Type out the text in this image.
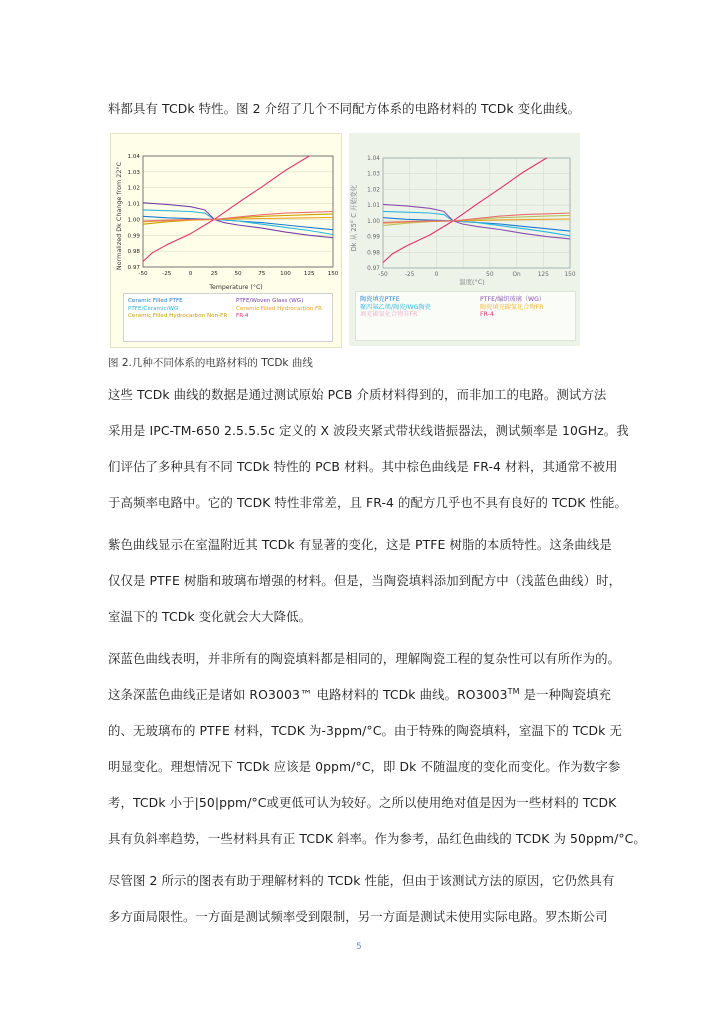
料都具有 TCDk 特性。图 2 介绍了几个不同配方体系的电路材料的 TCDk 变化曲线。
Normalized Dk Change from 22°C
Temperature (°C)
1.04
1.03
1.02
1.01
1.00
0.99
0.98
0.97
-50	-25	0	25	50	75	100 125 150
Ceramic Filled PTFE	PTFE/Woven Glass (WG)
PTFE/Ceramic/WG	Ceramic Filled Hydrocarbon FR
Ceramic Filled Hydrocarbon Non-FR FR-4
Dk 从 25° C 开始变化
温度(°C)
1.04
1.03
1.02
1.01
1.00
0.99
0.98
0.97
-50	-25	0	50	On	125	150
陶瓷填充PTFE	PTFE/编织玻璃（WG）
聚四氟乙烯/陶瓷/WG陶瓷	陶瓷填充碳氢化合物FR
填充碳氢化合物非FR	FR-4
图 2.几种不同体系的电路材料的 TCDk 曲线
这些 TCDk 曲线的数据是通过测试原始 PCB 介质材料得到的，而非加工的电路。测试方法
采用是 IPC-TM-650 2.5.5.5c 定义的 X 波段夹紧式带状线谐振器法，测试频率是 10GHz。我
们评估了多种具有不同 TCDk 特性的 PCB 材料。其中棕色曲线是 FR-4 材料，其通常不被用
于高频率电路中。它的 TCDK 特性非常差，且 FR-4 的配方几乎也不具有良好的 TCDK 性能。
紫色曲线显示在室温附近其 TCDk 有显著的变化，这是 PTFE 树脂的本质特性。这条曲线是
仅仅是 PTFE 树脂和玻璃布增强的材料。但是，当陶瓷填料添加到配方中（浅蓝色曲线）时，
室温下的 TCDk 变化就会大大降低。
深蓝色曲线表明，并非所有的陶瓷填料都是相同的，理解陶瓷工程的复杂性可以有所作为的。
这条深蓝色曲线正是诸如 RO3003™ 电路材料的 TCDk 曲线。RO3003™ 是一种陶瓷填充
的、无玻璃布的 PTFE 材料，TCDK 为-3ppm/°C。由于特殊的陶瓷填料，室温下的 TCDk 无
明显变化。理想情况下 TCDk 应该是 0ppm/°C，即 Dk 不随温度的变化而变化。作为数字参
考，TCDk 小于|50|ppm/°C或更低可认为较好。之所以使用绝对值是因为一些材料的 TCDK
具有负斜率趋势，一些材料具有正 TCDK 斜率。作为参考，品红色曲线的 TCDK 为 50ppm/°C。
尽管图 2 所示的图表有助于理解材料的 TCDk 性能，但由于该测试方法的原因，它仍然具有
多方面局限性。一方面是测试频率受到限制，另一方面是测试未使用实际电路。罗杰斯公司
5
